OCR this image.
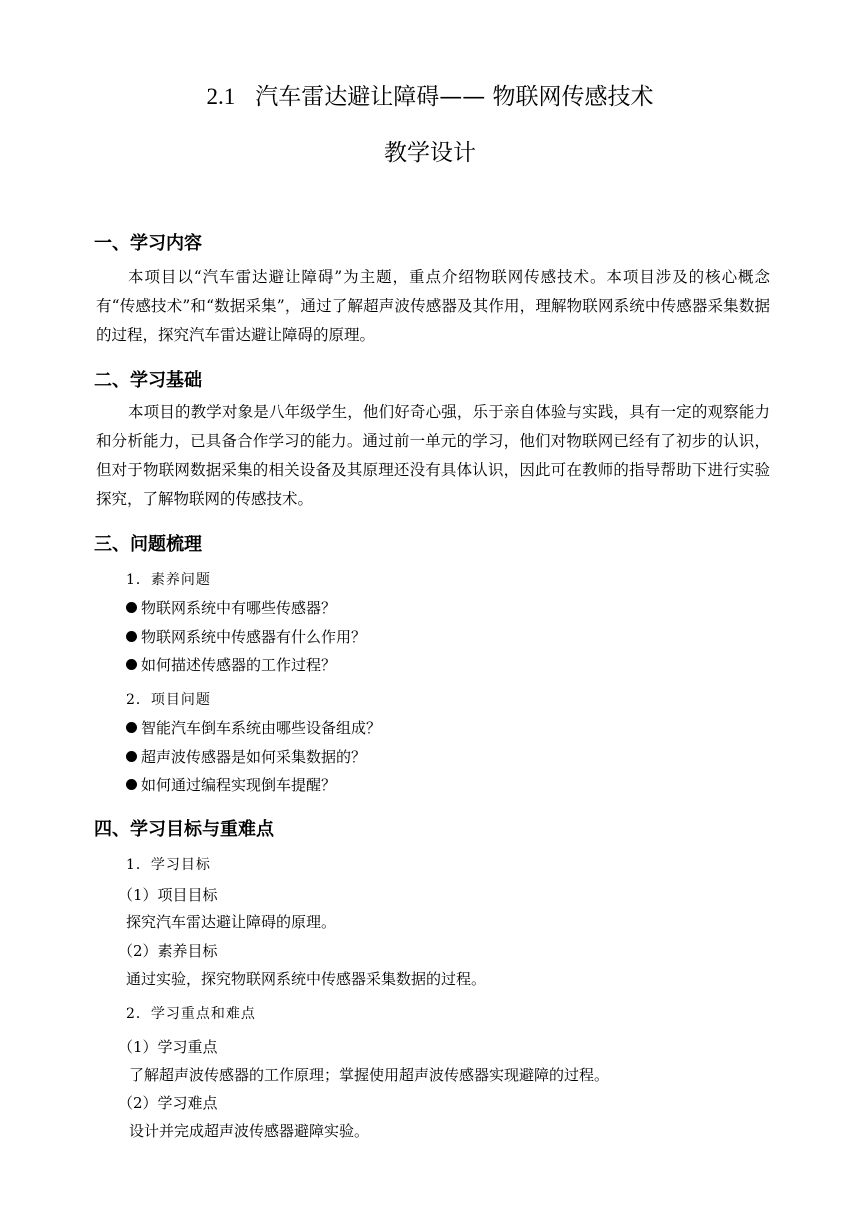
2.1 汽车雷达避让障碍—— 物联网传感技术
教学设计
一、学习内容
本项目以“汽车雷达避让障碍”为主题，重点介绍物联网传感技术。本项目涉及的核心概念有“传感技术”和“数据采集”，通过了解超声波传感器及其作用，理解物联网系统中传感器采集数据的过程，探究汽车雷达避让障碍的原理。
二、学习基础
本项目的教学对象是八年级学生，他们好奇心强，乐于亲自体验与实践，具有一定的观察能力和分析能力，已具备合作学习的能力。通过前一单元的学习，他们对物联网已经有了初步的认识，但对于物联网数据采集的相关设备及其原理还没有具体认识，因此可在教师的指导帮助下进行实验探究，了解物联网的传感技术。
三、问题梳理
1．素养问题
物联网系统中有哪些传感器？
物联网系统中传感器有什么作用？
如何描述传感器的工作过程？
2．项目问题
智能汽车倒车系统由哪些设备组成？
超声波传感器是如何采集数据的？
如何通过编程实现倒车提醒？
四、学习目标与重难点
1．学习目标
（1）项目目标
探究汽车雷达避让障碍的原理。
（2）素养目标
通过实验，探究物联网系统中传感器采集数据的过程。
2．学习重点和难点
（1）学习重点
了解超声波传感器的工作原理；掌握使用超声波传感器实现避障的过程。
（2）学习难点
设计并完成超声波传感器避障实验。
